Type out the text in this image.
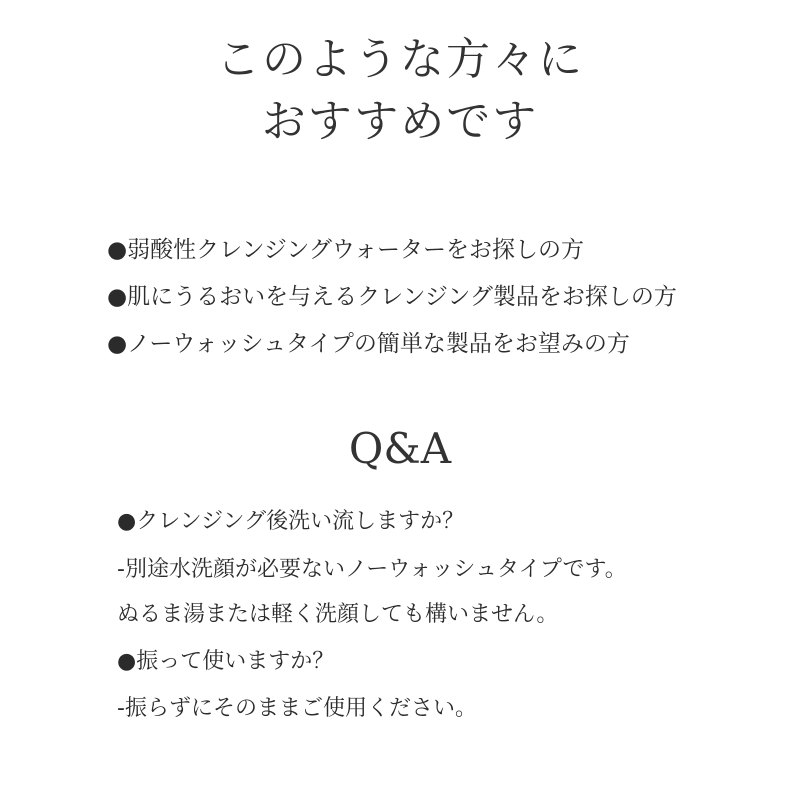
このような方々に
おすすめです
●弱酸性クレンジングウォーターをお探しの方
●肌にうるおいを与えるクレンジング製品をお探しの方
●ノーウォッシュタイプの簡単な製品をお望みの方
Q&A
●クレンジング後洗い流しますか？
-別途水洗顔が必要ないノーウォッシュタイプです。
ぬるま湯または軽く洗顔しても構いません。
●振って使いますか？
-振らずにそのままご使用ください。
